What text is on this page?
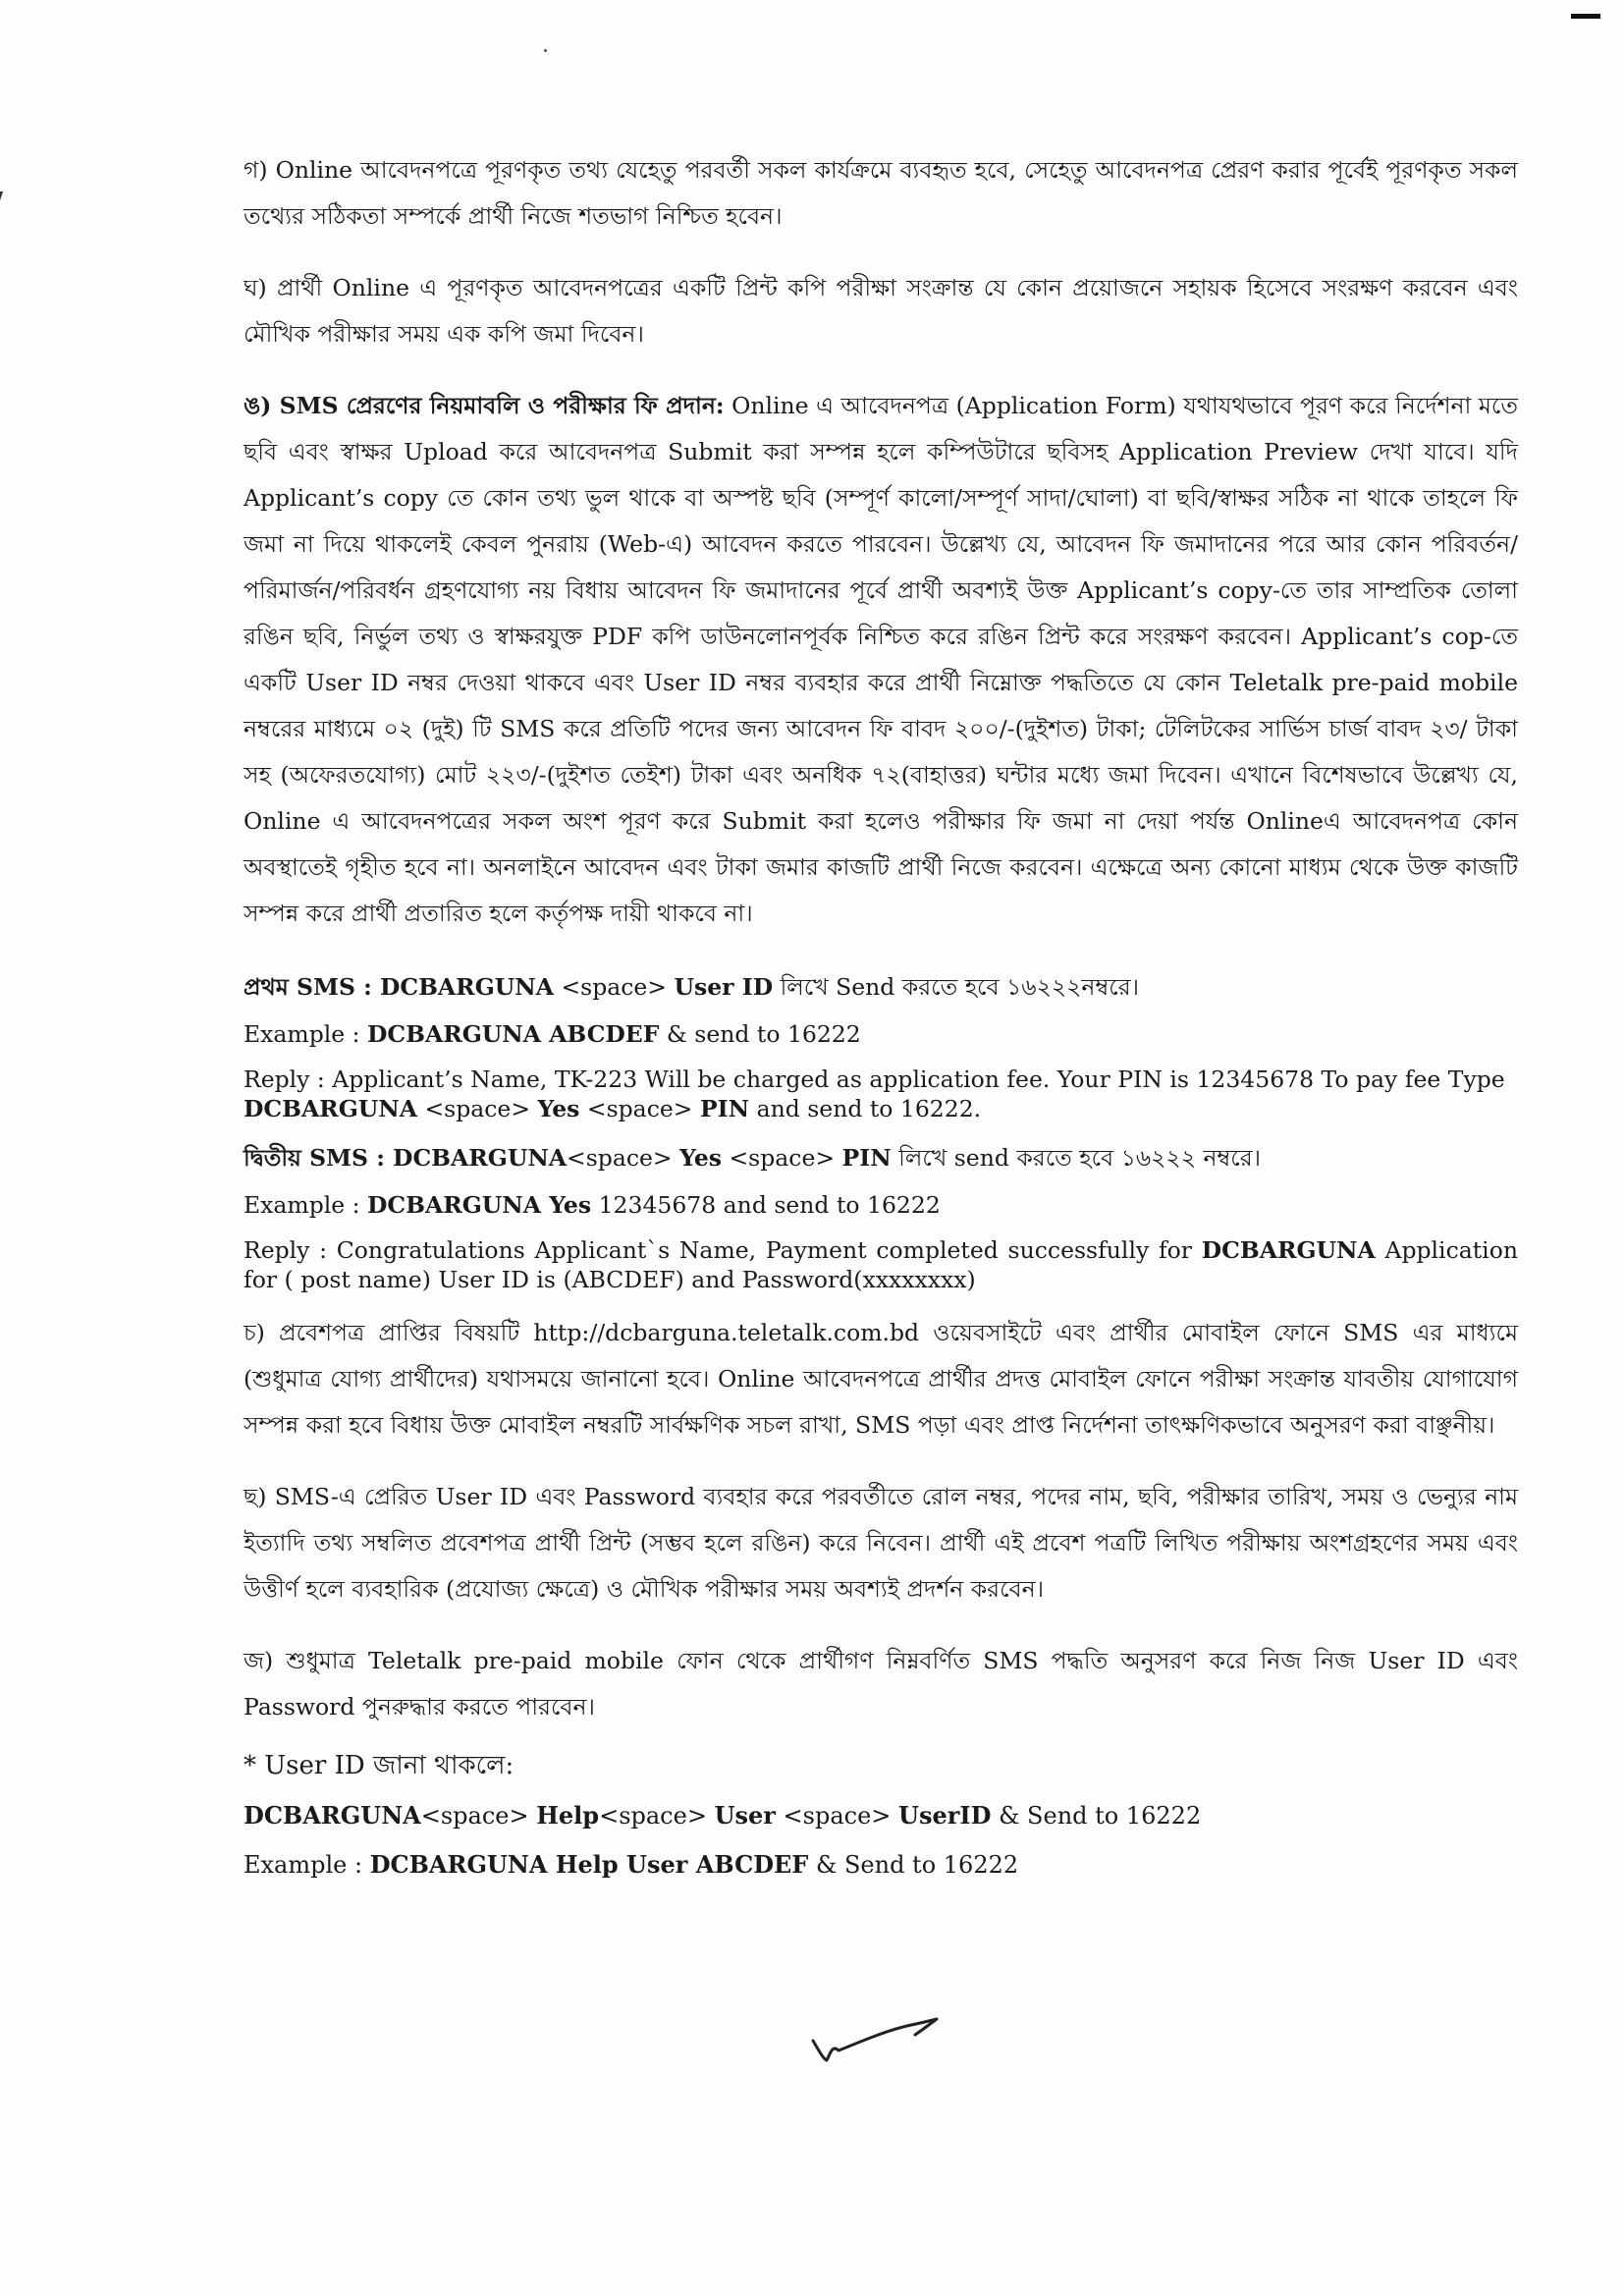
গ) Online আবেদনপত্রে পূরণকৃত তথ্য যেহেতু পরবর্তী সকল কার্যক্রমে ব্যবহৃত হবে, সেহেতু আবেদনপত্র প্রেরণ করার পূর্বেই পূরণকৃত সকল তথ্যের সঠিকতা সম্পর্কে প্রার্থী নিজে শতভাগ নিশ্চিত হবেন।

ঘ) প্রার্থী Online এ পূরণকৃত আবেদনপত্রের একটি প্রিন্ট কপি পরীক্ষা সংক্রান্ত যে কোন প্রয়োজনে সহায়ক হিসেবে সংরক্ষণ করবেন এবং মৌখিক পরীক্ষার সময় এক কপি জমা দিবেন।

ঙ) SMS প্রেরণের নিয়মাবলি ও পরীক্ষার ফি প্রদান: Online এ আবেদনপত্র (Application Form) যথাযথভাবে পূরণ করে নির্দেশনা মতে ছবি এবং স্বাক্ষর Upload করে আবেদনপত্র Submit করা সম্পন্ন হলে কম্পিউটারে ছবিসহ Application Preview দেখা যাবে। যদি Applicant’s copy তে কোন তথ্য ভুল থাকে বা অস্পষ্ট ছবি (সম্পূর্ণ কালো/সম্পূর্ণ সাদা/ঘোলা) বা ছবি/স্বাক্ষর সঠিক না থাকে তাহলে ফি জমা না দিয়ে থাকলেই কেবল পুনরায় (Web-এ) আবেদন করতে পারবেন। উল্লেখ্য যে, আবেদন ফি জমাদানের পরে আর কোন পরিবর্তন/পরিমার্জন/পরিবর্ধন গ্রহণযোগ্য নয় বিধায় আবেদন ফি জমাদানের পূর্বে প্রার্থী অবশ্যই উক্ত Applicant’s copy-তে তার সাম্প্রতিক তোলা রঙিন ছবি, নির্ভুল তথ্য ও স্বাক্ষরযুক্ত PDF কপি ডাউনলোনপূর্বক নিশ্চিত করে রঙিন প্রিন্ট করে সংরক্ষণ করবেন। Applicant’s cop-তে একটি User ID নম্বর দেওয়া থাকবে এবং User ID নম্বর ব্যবহার করে প্রার্থী নিম্নোক্ত পদ্ধতিতে যে কোন Teletalk pre-paid mobile নম্বরের মাধ্যমে ০২ (দুই) টি SMS করে প্রতিটি পদের জন্য আবেদন ফি বাবদ ২০০/-(দুইশত) টাকা; টেলিটকের সার্ভিস চার্জ বাবদ ২৩/ টাকা সহ (অফেরতযোগ্য) মোট ২২৩/-(দুইশত তেইশ) টাকা এবং অনধিক ৭২(বাহাত্তর) ঘন্টার মধ্যে জমা দিবেন। এখানে বিশেষভাবে উল্লেখ্য যে, Online এ আবেদনপত্রের সকল অংশ পূরণ করে Submit করা হলেও পরীক্ষার ফি জমা না দেয়া পর্যন্ত Onlineএ আবেদনপত্র কোন অবস্থাতেই গৃহীত হবে না। অনলাইনে আবেদন এবং টাকা জমার কাজটি প্রার্থী নিজে করবেন। এক্ষেত্রে অন্য কোনো মাধ্যম থেকে উক্ত কাজটি সম্পন্ন করে প্রার্থী প্রতারিত হলে কর্তৃপক্ষ দায়ী থাকবে না।

প্রথম SMS : DCBARGUNA <space> User ID লিখে Send করতে হবে ১৬২২২নম্বরে।

Example : DCBARGUNA ABCDEF & send to 16222

Reply : Applicant’s Name, TK-223 Will be charged as application fee. Your PIN is 12345678 To pay fee Type DCBARGUNA <space> Yes <space> PIN and send to 16222.

দ্বিতীয় SMS : DCBARGUNA<space> Yes <space> PIN লিখে send করতে হবে ১৬২২২ নম্বরে।

Example : DCBARGUNA Yes 12345678 and send to 16222

Reply : Congratulations Applicant`s Name, Payment completed successfully for DCBARGUNA Application for ( post name) User ID is (ABCDEF) and Password(xxxxxxxx)

চ) প্রবেশপত্র প্রাপ্তির বিষয়টি http://dcbarguna.teletalk.com.bd ওয়েবসাইটে এবং প্রার্থীর মোবাইল ফোনে SMS এর মাধ্যমে (শুধুমাত্র যোগ্য প্রার্থীদের) যথাসময়ে জানানো হবে। Online আবেদনপত্রে প্রার্থীর প্রদত্ত মোবাইল ফোনে পরীক্ষা সংক্রান্ত যাবতীয় যোগাযোগ সম্পন্ন করা হবে বিধায় উক্ত মোবাইল নম্বরটি সার্বক্ষণিক সচল রাখা, SMS পড়া এবং প্রাপ্ত নির্দেশনা তাৎক্ষণিকভাবে অনুসরণ করা বাঞ্ছনীয়।

ছ) SMS-এ প্রেরিত User ID এবং Password ব্যবহার করে পরবর্তীতে রোল নম্বর, পদের নাম, ছবি, পরীক্ষার তারিখ, সময় ও ভেন্যুর নাম ইত্যাদি তথ্য সম্বলিত প্রবেশপত্র প্রার্থী প্রিন্ট (সম্ভব হলে রঙিন) করে নিবেন। প্রার্থী এই প্রবেশ পত্রটি লিখিত পরীক্ষায় অংশগ্রহণের সময় এবং উত্তীর্ণ হলে ব্যবহারিক (প্রযোজ্য ক্ষেত্রে) ও মৌখিক পরীক্ষার সময় অবশ্যই প্রদর্শন করবেন।

জ) শুধুমাত্র Teletalk pre-paid mobile ফোন থেকে প্রার্থীগণ নিম্নবর্ণিত SMS পদ্ধতি অনুসরণ করে নিজ নিজ User ID এবং Password পুনরুদ্ধার করতে পারবেন।

* User ID জানা থাকলে:

DCBARGUNA<space> Help<space> User <space> UserID & Send to 16222

Example : DCBARGUNA Help User ABCDEF & Send to 16222
